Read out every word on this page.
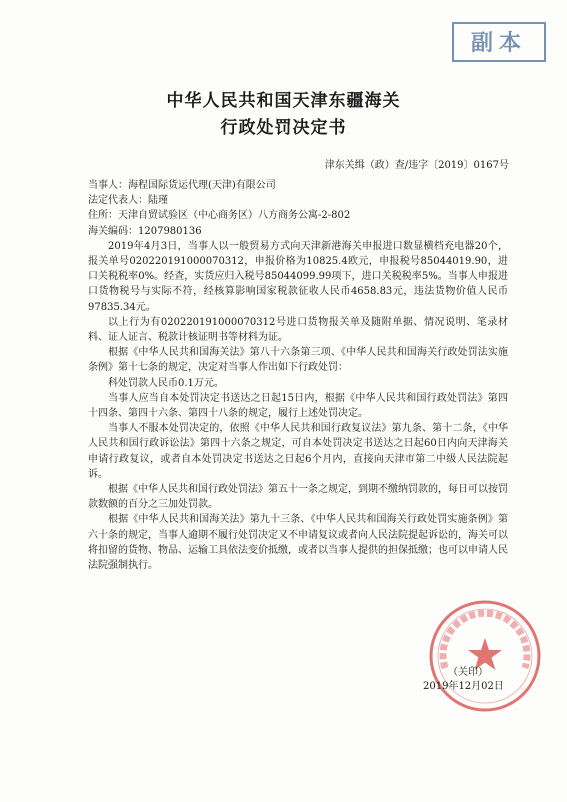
副本
中华人民共和国天津东疆海关
行政处罚决定书
津东关缉（政）查/违字〔2019〕0167号

当事人：海程国际货运代理(天津)有限公司

法定代表人：陆瑾

住所：天津自贸试验区（中心商务区）八方商务公寓-2-802

海关编码：1207980136

2019年4月3日，当事人以一般贸易方式向天津新港海关申报进口数显横档充电器20个，报关单号020220191000070312，申报价格为10825.4欧元，申报税号85044019.90，进口关税税率0%。经查，实货应归入税号85044099.99项下，进口关税税率5%。当事人申报进口货物税号与实际不符，经核算影响国家税款征收人民币4658.83元，违法货物价值人民币97835.34元。

以上行为有020220191000070312号进口货物报关单及随附单据、情况说明、笔录材料、证人证言、税款计核证明书等材料为证。

根据《中华人民共和国海关法》第八十六条第三项、《中华人民共和国海关行政处罚法实施条例》第十七条的规定，决定对当事人作出如下行政处罚：

科处罚款人民币0.1万元。

当事人应当自本处罚决定书送达之日起15日内，根据《中华人民共和国行政处罚法》第四十四条、第四十六条、第四十八条的规定，履行上述处罚决定。

当事人不服本处罚决定的，依照《中华人民共和国行政复议法》第九条、第十二条，《中华人民共和国行政诉讼法》第四十六条之规定，可自本处罚决定书送达之日起60日内向天津海关申请行政复议，或者自本处罚决定书送达之日起6个月内，直接向天津市第二中级人民法院起诉。

根据《中华人民共和国行政处罚法》第五十一条之规定，到期不缴纳罚款的，每日可以按罚款数额的百分之三加处罚款。

根据《中华人民共和国海关法》第九十三条、《中华人民共和国海关行政处罚实施条例》第六十条的规定，当事人逾期不履行处罚决定又不申请复议或者向人民法院提起诉讼的，海关可以将扣留的货物、物品、运输工具依法变价抵缴，或者以当事人提供的担保抵缴；也可以申请人民法院强制执行。

（关印）
2019年12月02日
